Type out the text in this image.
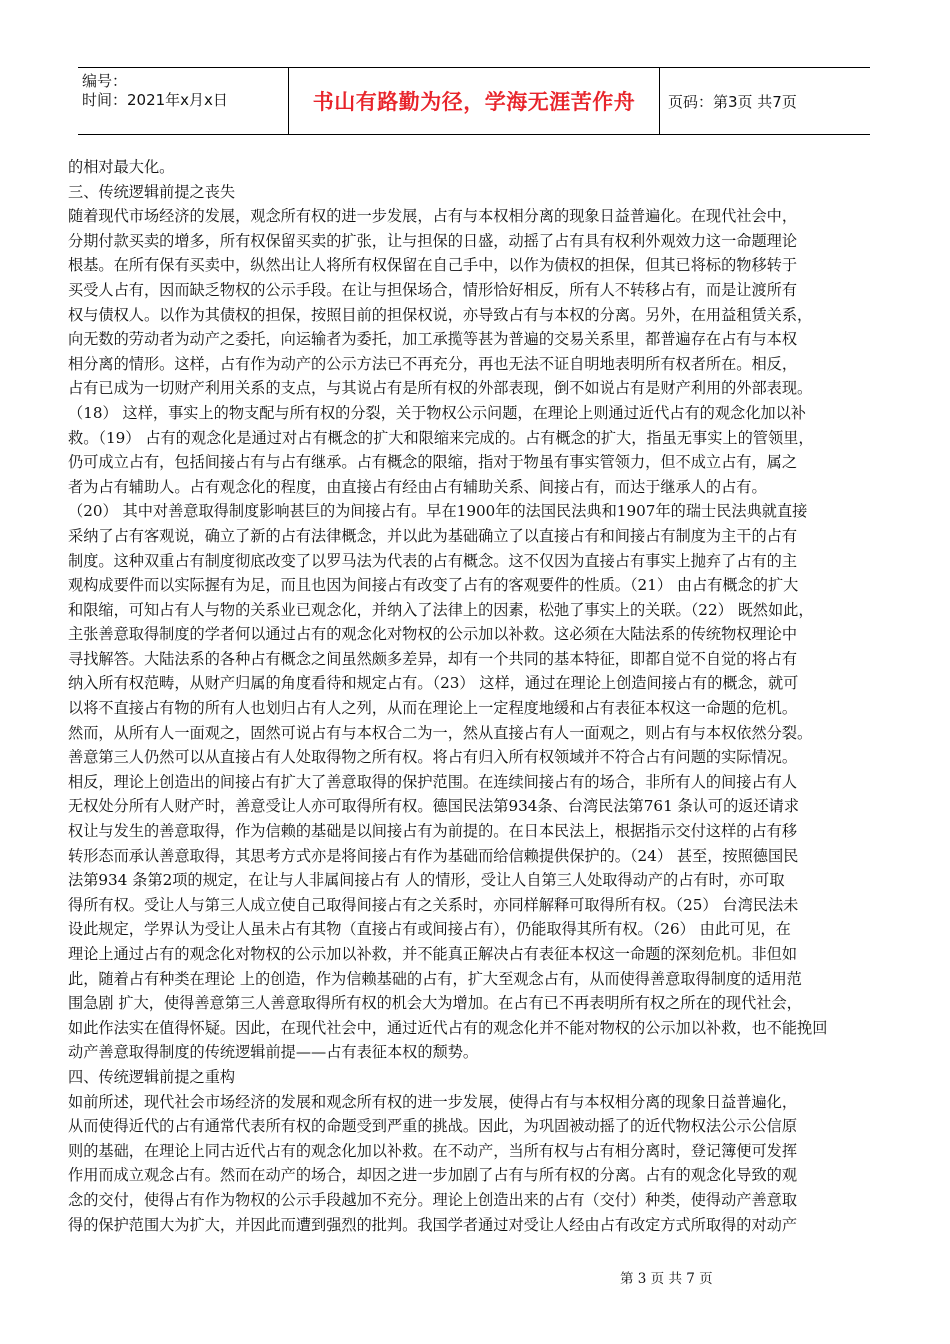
编号：
时间：2021年x月x日	书山有路勤为径，学海无涯苦作舟 页码：第3页 共7页
的相对最大化。
三、传统逻辑前提之丧失
随着现代市场经济的发展，观念所有权的进一步发展，占有与本权相分离的现象日益普遍化。在现代社会中，
分期付款买卖的增多，所有权保留买卖的扩张，让与担保的日盛，动摇了占有具有权利外观效力这一命题理论
根基。在所有保有买卖中，纵然出让人将所有权保留在自己手中，以作为债权的担保，但其已将标的物移转于
买受人占有，因而缺乏物权的公示手段。在让与担保场合，情形恰好相反，所有人不转移占有，而是让渡所有
权与债权人。以作为其债权的担保，按照目前的担保权说，亦导致占有与本权的分离。另外，在用益租赁关系，
向无数的劳动者为动产之委托，向运输者为委托，加工承揽等甚为普遍的交易关系里，都普遍存在占有与本权
相分离的情形。这样，占有作为动产的公示方法已不再充分，再也无法不证自明地表明所有权者所在。相反，
占有已成为一切财产利用关系的支点，与其说占有是所有权的外部表现，倒不如说占有是财产利用的外部表现。
（18） 这样，事实上的物支配与所有权的分裂，关于物权公示问题，在理论上则通过近代占有的观念化加以补
救。（19） 占有的观念化是通过对占有概念的扩大和限缩来完成的。占有概念的扩大，指虽无事实上的管领里，
仍可成立占有，包括间接占有与占有继承。占有概念的限缩，指对于物虽有事实管领力，但不成立占有，属之
者为占有辅助人。占有观念化的程度，由直接占有经由占有辅助关系、间接占有，而达于继承人的占有。
（20） 其中对善意取得制度影响甚巨的为间接占有。早在1900年的法国民法典和1907年的瑞士民法典就直接
采纳了占有客观说，确立了新的占有法律概念，并以此为基础确立了以直接占有和间接占有制度为主干的占有
制度。这种双重占有制度彻底改变了以罗马法为代表的占有概念。这不仅因为直接占有事实上抛弃了占有的主
观构成要件而以实际握有为足，而且也因为间接占有改变了占有的客观要件的性质。（21） 由占有概念的扩大
和限缩，可知占有人与物的关系业已观念化，并纳入了法律上的因素，松弛了事实上的关联。（22） 既然如此，
主张善意取得制度的学者何以通过占有的观念化对物权的公示加以补救。这必须在大陆法系的传统物权理论中
寻找解答。大陆法系的各种占有概念之间虽然颇多差异，却有一个共同的基本特征，即都自觉不自觉的将占有
纳入所有权范畴，从财产归属的角度看待和规定占有。（23） 这样，通过在理论上创造间接占有的概念，就可
以将不直接占有物的所有人也划归占有人之列，从而在理论上一定程度地缓和占有表征本权这一命题的危机。
然而，从所有人一面观之，固然可说占有与本权合二为一，然从直接占有人一面观之，则占有与本权依然分裂。
善意第三人仍然可以从直接占有人处取得物之所有权。将占有归入所有权领域并不符合占有问题的实际情况。
相反，理论上创造出的间接占有扩大了善意取得的保护范围。在连续间接占有的场合，非所有人的间接占有人
无权处分所有人财产时，善意受让人亦可取得所有权。德国民法第934条、台湾民法第761 条认可的返还请求
权让与发生的善意取得，作为信赖的基础是以间接占有为前提的。在日本民法上，根据指示交付这样的占有移
转形态而承认善意取得，其思考方式亦是将间接占有作为基础而给信赖提供保护的。（24） 甚至，按照德国民
法第934 条第2项的规定，在让与人非属间接占有 人的情形，受让人自第三人处取得动产的占有时，亦可取
得所有权。受让人与第三人成立使自己取得间接占有之关系时，亦同样解释可取得所有权。（25） 台湾民法未
设此规定，学界认为受让人虽未占有其物（直接占有或间接占有），仍能取得其所有权。（26） 由此可见，在
理论上通过占有的观念化对物权的公示加以补救，并不能真正解决占有表征本权这一命题的深刻危机。非但如
此，随着占有种类在理论 上的创造，作为信赖基础的占有，扩大至观念占有，从而使得善意取得制度的适用范
围急剧 扩大，使得善意第三人善意取得所有权的机会大为增加。在占有已不再表明所有权之所在的现代社会，
如此作法实在值得怀疑。因此，在现代社会中，通过近代占有的观念化并不能对物权的公示加以补救，也不能挽回
动产善意取得制度的传统逻辑前提——占有表征本权的颓势。
四、传统逻辑前提之重构
如前所述，现代社会市场经济的发展和观念所有权的进一步发展，使得占有与本权相分离的现象日益普遍化，
从而使得近代的占有通常代表所有权的命题受到严重的挑战。因此，为巩固被动摇了的近代物权法公示公信原
则的基础，在理论上同古近代占有的观念化加以补救。在不动产，当所有权与占有相分离时，登记簿便可发挥
作用而成立观念占有。然而在动产的场合，却因之进一步加剧了占有与所有权的分离。占有的观念化导致的观
念的交付，使得占有作为物权的公示手段越加不充分。理论上创造出来的占有（交付）种类，使得动产善意取
得的保护范围大为扩大，并因此而遭到强烈的批判。我国学者通过对受让人经由占有改定方式所取得的对动产
第 3 页 共 7 页
